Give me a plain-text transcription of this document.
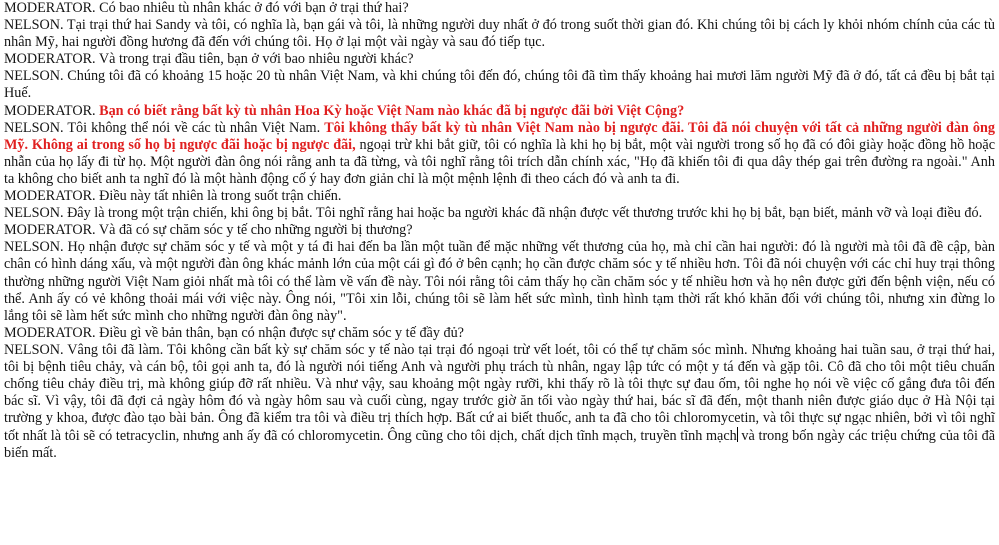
MODERATOR. Có bao nhiêu tù nhân khác ở đó với bạn ở trại thứ hai?

NELSON. Tại trại thứ hai Sandy và tôi, có nghĩa là, bạn gái và tôi, là những người duy nhất ở đó trong suốt thời gian đó. Khi chúng tôi bị cách ly khỏi nhóm chính của các tù nhân Mỹ, hai người đồng hương đã đến với chúng tôi. Họ ở lại một vài ngày và sau đó tiếp tục.

MODERATOR. Và trong trại đầu tiên, bạn ở với bao nhiêu người khác?

NELSON. Chúng tôi đã có khoảng 15 hoặc 20 tù nhân Việt Nam, và khi chúng tôi đến đó, chúng tôi đã tìm thấy khoảng hai mươi lăm người Mỹ đã ở đó, tất cả đều bị bắt tại Huế.

MODERATOR. Bạn có biết rằng bất kỳ tù nhân Hoa Kỳ hoặc Việt Nam nào khác đã bị ngược đãi bởi Việt Cộng?

NELSON. Tôi không thể nói về các tù nhân Việt Nam. Tôi không thấy bất kỳ tù nhân Việt Nam nào bị ngược đãi. Tôi đã nói chuyện với tất cả những người đàn ông Mỹ. Không ai trong số họ bị ngược đãi hoặc bị ngược đãi, ngoại trừ khi bắt giữ, tôi có nghĩa là khi họ bị bắt, một vài người trong số họ đã có đôi giày hoặc đồng hồ hoặc nhẫn của họ lấy đi từ họ. Một người đàn ông nói rằng anh ta đã từng, và tôi nghĩ rằng tôi trích dẫn chính xác, "Họ đã khiến tôi đi qua dây thép gai trên đường ra ngoài." Anh ta không cho biết anh ta nghĩ đó là một hành động cố ý hay đơn giản chỉ là một mệnh lệnh đi theo cách đó và anh ta đi.

MODERATOR. Điều này tất nhiên là trong suốt trận chiến.

NELSON. Đây là trong một trận chiến, khi ông bị bắt. Tôi nghĩ rằng hai hoặc ba người khác đã nhận được vết thương trước khi họ bị bắt, bạn biết, mảnh vỡ và loại điều đó.

MODERATOR. Và đã có sự chăm sóc y tế cho những người bị thương?

NELSON. Họ nhận được sự chăm sóc y tế và một y tá đi hai đến ba lần một tuần để mặc những vết thương của họ, mà chỉ cần hai người: đó là người mà tôi đã đề cập, bàn chân có hình dáng xấu, và một người đàn ông khác mảnh lớn của một cái gì đó ở bên cạnh; họ cần được chăm sóc y tế nhiều hơn. Tôi đã nói chuyện với các chỉ huy trại thông thường những người Việt Nam giỏi nhất mà tôi có thể làm về vấn đề này. Tôi nói rằng tôi cảm thấy họ cần chăm sóc y tế nhiều hơn và họ nên được gửi đến bệnh viện, nếu có thể. Anh ấy có vẻ không thoải mái với việc này. Ông nói, "Tôi xin lỗi, chúng tôi sẽ làm hết sức mình, tình hình tạm thời rất khó khăn đối với chúng tôi, nhưng xin đừng lo lắng tôi sẽ làm hết sức mình cho những người đàn ông này".

MODERATOR. Điều gì về bản thân, bạn có nhận được sự chăm sóc y tế đầy đủ?

NELSON. Vâng tôi đã làm. Tôi không cần bất kỳ sự chăm sóc y tế nào tại trại đó ngoại trừ vết loét, tôi có thể tự chăm sóc mình. Nhưng khoảng hai tuần sau, ở trại thứ hai, tôi bị bệnh tiêu chảy, và cán bộ, tôi gọi anh ta, đó là người nói tiếng Anh và người phụ trách tù nhân, ngay lập tức có một y tá đến và gặp tôi. Cô đã cho tôi một tiêu chuẩn chống tiêu chảy điều trị, mà không giúp đỡ rất nhiều. Và như vậy, sau khoảng một ngày rưỡi, khi thấy rõ là tôi thực sự đau ốm, tôi nghe họ nói về việc cố gắng đưa tôi đến bác sĩ. Vì vậy, tôi đã đợi cả ngày hôm đó và ngày hôm sau và cuối cùng, ngay trước giờ ăn tối vào ngày thứ hai, bác sĩ đã đến, một thanh niên được giáo dục ở Hà Nội tại trường y khoa, được đào tạo bài bản. Ông đã kiểm tra tôi và điều trị thích hợp. Bất cứ ai biết thuốc, anh ta đã cho tôi chloromycetin, và tôi thực sự ngạc nhiên, bởi vì tôi nghĩ tốt nhất là tôi sẽ có tetracyclin, nhưng anh ấy đã có chloromycetin. Ông cũng cho tôi dịch, chất dịch tĩnh mạch, truyền tĩnh mạch và trong bốn ngày các triệu chứng của tôi đã biến mất.
